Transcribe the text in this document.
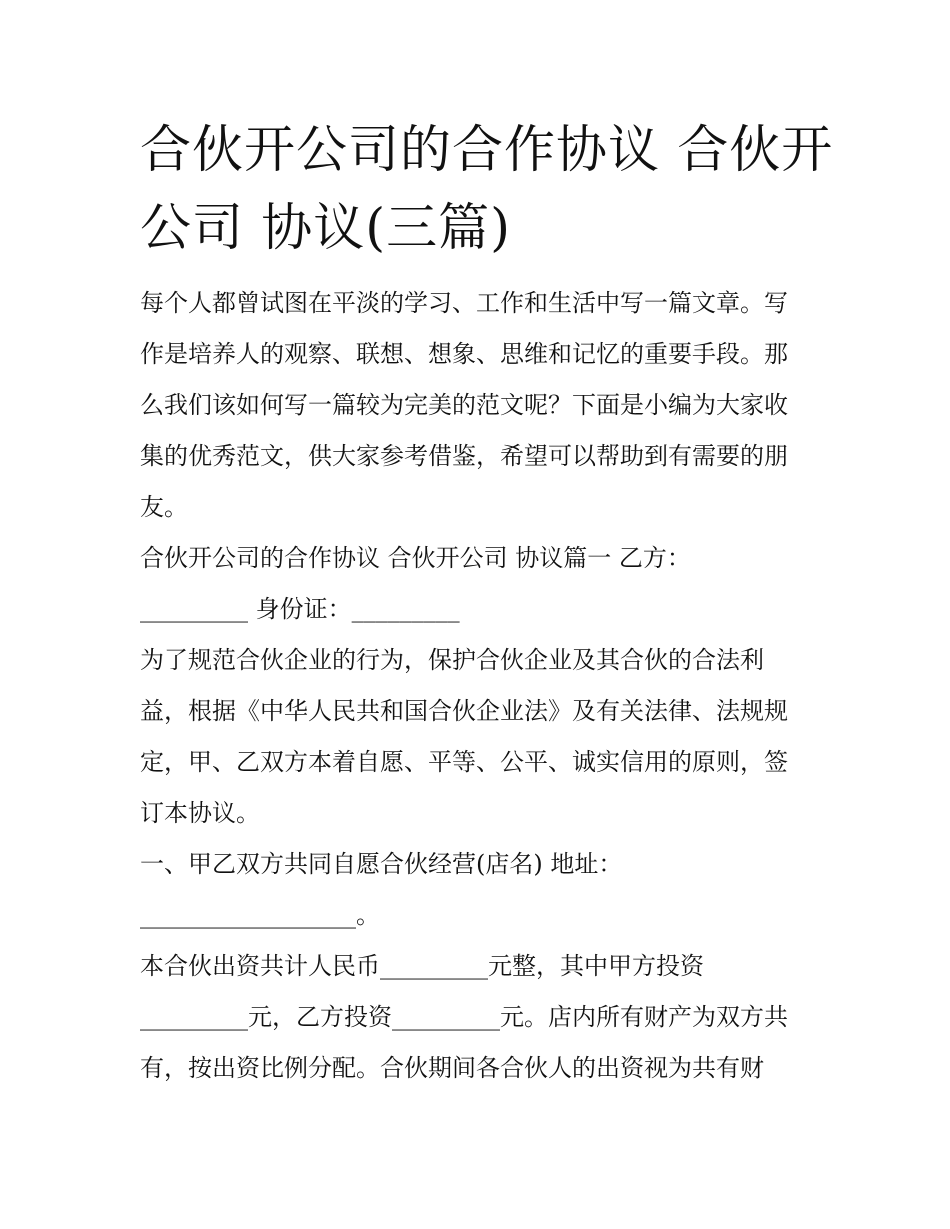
合伙开公司的合作协议 合伙开
公司 协议(三篇)
每个人都曾试图在平淡的学习、工作和生活中写一篇文章。写
作是培养人的观察、联想、想象、思维和记忆的重要手段。那
么我们该如何写一篇较为完美的范文呢？下面是小编为大家收
集的优秀范文，供大家参考借鉴，希望可以帮助到有需要的朋
友。
合伙开公司的合作协议 合伙开公司 协议篇一 乙方：
_________ 身份证：_________
为了规范合伙企业的行为，保护合伙企业及其合伙的合法利
益，根据《中华人民共和国合伙企业法》及有关法律、法规规
定，甲、乙双方本着自愿、平等、公平、诚实信用的原则，签
订本协议。
一、甲乙双方共同自愿合伙经营(店名) 地址：
__________________。
本合伙出资共计人民币_________元整，其中甲方投资
_________元，乙方投资_________元。店内所有财产为双方共
有，按出资比例分配。合伙期间各合伙人的出资视为共有财
